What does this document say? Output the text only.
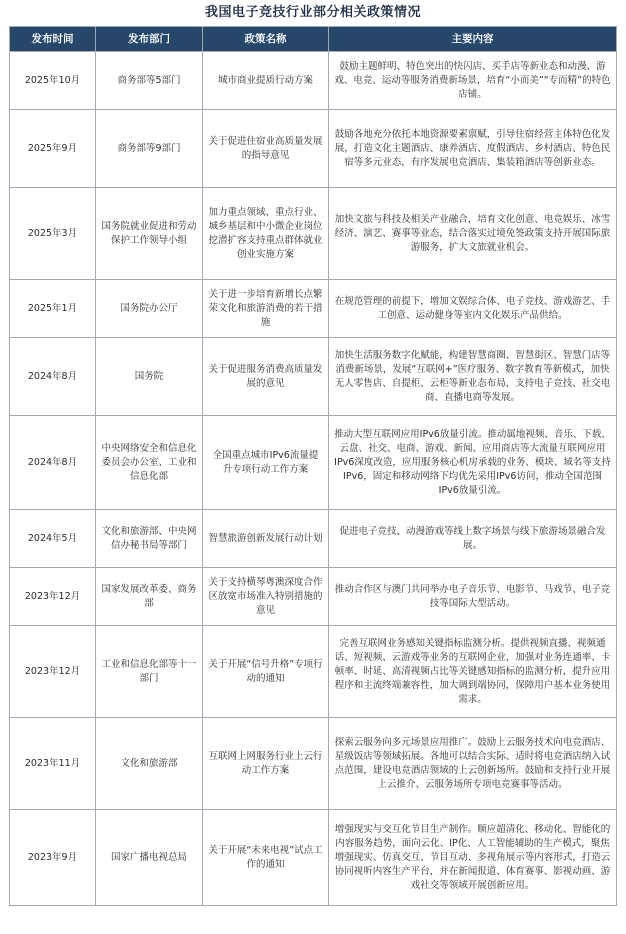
我国电子竞技行业部分相关政策情况
发布时间	发布部门	政策名称	主要内容
2025年10月	商务部等5部门	城市商业提质行动方案	鼓励主题鲜明、特色突出的快闪店、买手店等新业态和动漫、游戏、电竞、运动等服务消费新场景，培育“小而美”“专而精”的特色店铺。
2025年9月	商务部等9部门	关于促进住宿业高质量发展的指导意见	鼓励各地充分依托本地资源要素禀赋，引导住宿经营主体特色化发展，打造文化主题酒店、康养酒店、度假酒店、乡村酒店、特色民宿等多元业态，有序发展电竞酒店、集装箱酒店等创新业态。
2025年3月	国务院就业促进和劳动保护工作领导小组	加力重点领域、重点行业、城乡基层和中小微企业岗位挖潜扩容支持重点群体就业创业实施方案	加快文旅与科技及相关产业融合，培育文化创意、电竞娱乐、冰雪经济、演艺、赛事等业态，结合落实过境免签政策支持开展国际旅游服务，扩大文旅就业机会。
2025年1月	国务院办公厅	关于进一步培育新增长点繁荣文化和旅游消费的若干措施	在规范管理的前提下，增加文娱综合体、电子竞技、游戏游艺、手工创意、运动健身等室内文化娱乐产品供给。
2024年8月	国务院	关于促进服务消费高质量发展的意见	加快生活服务数字化赋能，构建智慧商圈、智慧街区、智慧门店等消费新场景，发展“互联网+”医疗服务、数字教育等新模式，加快无人零售店、自提柜、云柜等新业态布局，支持电子竞技、社交电商、直播电商等发展。
2024年8月	中央网络安全和信息化委员会办公室、工业和信息化部	全国重点城市IPv6流量提升专项行动工作方案	推动大型互联网应用IPv6放量引流。推动属地视频、音乐、下载、云盘、社交、电商、游戏、新闻、应用商店等大流量互联网应用IPv6深度改造，应用服务核心机房承载的业务、模块、域名等支持IPv6，固定和移动网络下均优先采用IPv6访问，推动全国范围IPv6放量引流。
2024年5月	文化和旅游部、中央网信办秘书局等部门	智慧旅游创新发展行动计划	促进电子竞技、动漫游戏等线上数字场景与线下旅游场景融合发展。
2023年12月	国家发展改革委、商务部	关于支持横琴粤澳深度合作区放宽市场准入特别措施的意见	推动合作区与澳门共同举办电子音乐节、电影节、马戏节、电子竞技等国际大型活动。
2023年12月	工业和信息化部等十一部门	关于开展“信号升格”专项行动的通知	完善互联网业务感知关键指标监测分析。提供视频直播、视频通话、短视频、云游戏等业务的互联网企业，加强对业务连通率、卡顿率、时延、高清视频占比等关键感知指标的监测分析，提升应用程序和主流终端兼容性，加大调到端协同，保障用户基本业务使用需求。
2023年11月	文化和旅游部	互联网上网服务行业上云行动工作方案	探索云服务向多元场景应用推广。鼓励上云服务技术向电竞酒店、星级饭店等领域拓展。各地可以结合实际、适时将电竞酒店纳入试点范围，建设电竞酒店领域的上云创新场所。鼓励和支持行业开展上云推介、云服务场所专项电竞赛事等活动。
2023年9月	国家广播电视总局	关于开展“未来电视”试点工作的通知	增强现实与交互化节目生产制作。顺应超清化、移动化、智能化的内容服务趋势，面向云化、IP化、人工智能辅助的生产模式，聚焦增强现实、仿真交互、节目互动、多视角展示等内容形式，打造云协同视听内容生产平台，并在新闻报道、体育赛事、影视动画、游戏社交等领域开展创新应用。
